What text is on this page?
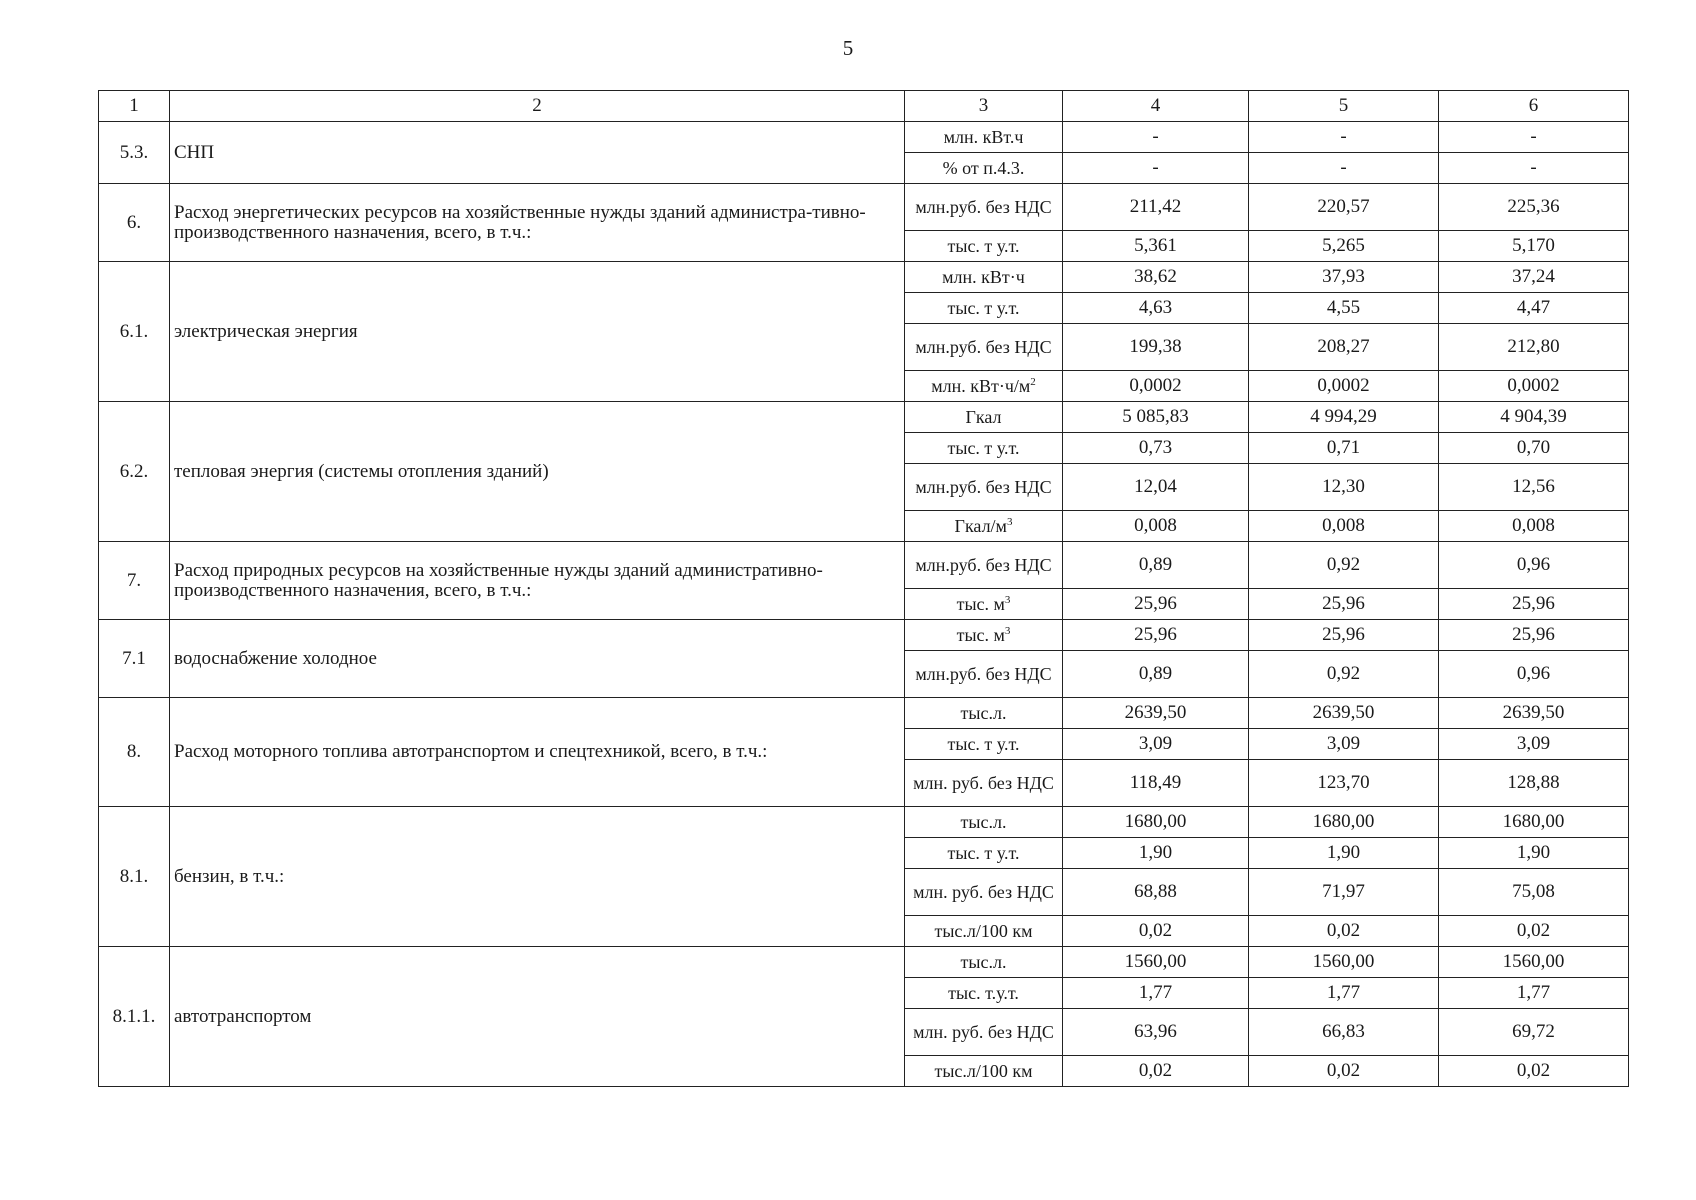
5
1	2	3	4	5	6
5.3.	СНП	млн. кВт.ч	-	-	-
		% от п.4.3.	-	-	-
6.	Расход энергетических ресурсов на хозяйственные нужды зданий администра-тивно-производственного назначения, всего, в т.ч.:	млн.руб. без НДС	211,42	220,57	225,36
		тыс. т у.т.	5,361	5,265	5,170
6.1.	электрическая энергия	млн. кВт·ч	38,62	37,93	37,24
		тыс. т у.т.	4,63	4,55	4,47
		млн.руб. без НДС	199,38	208,27	212,80
		млн. $кВт\cdot ч/м^2$	0,0002	0,0002	0,0002
6.2.	тепловая энергия (системы отопления зданий)	Гкал	5 085,83	4 994,29	4 904,39
		тыс. т у.т.	0,73	0,71	0,70
		млн.руб. без НДС	12,04	12,30	12,56
		Гкал/$м^3$	0,008	0,008	0,008
7.	Расход природных ресурсов на хозяйственные нужды зданий административно-производственного назначения, всего, в т.ч.:	млн.руб. без НДС	0,89	0,92	0,96
		тыс. $м^3$	25,96	25,96	25,96
7.1	водоснабжение холодное	тыс. $м^3$	25,96	25,96	25,96
		млн.руб. без НДС	0,89	0,92	0,96
8.	Расход моторного топлива автотранспортом и спецтехникой, всего, в т.ч.:	тыс.л.	2639,50	2639,50	2639,50
		тыс. т у.т.	3,09	3,09	3,09
		млн. руб. без НДС	118,49	123,70	128,88
8.1.	бензин, в т.ч.:	тыс.л.	1680,00	1680,00	1680,00
		тыс. т у.т.	1,90	1,90	1,90
		млн. руб. без НДС	68,88	71,97	75,08
		тыс.л/100 км	0,02	0,02	0,02
8.1.1.	автотранспортом	тыс.л.	1560,00	1560,00	1560,00
		тыс. т.у.т.	1,77	1,77	1,77
		млн. руб. без НДС	63,96	66,83	69,72
		тыс.л/100 км	0,02	0,02	0,02
